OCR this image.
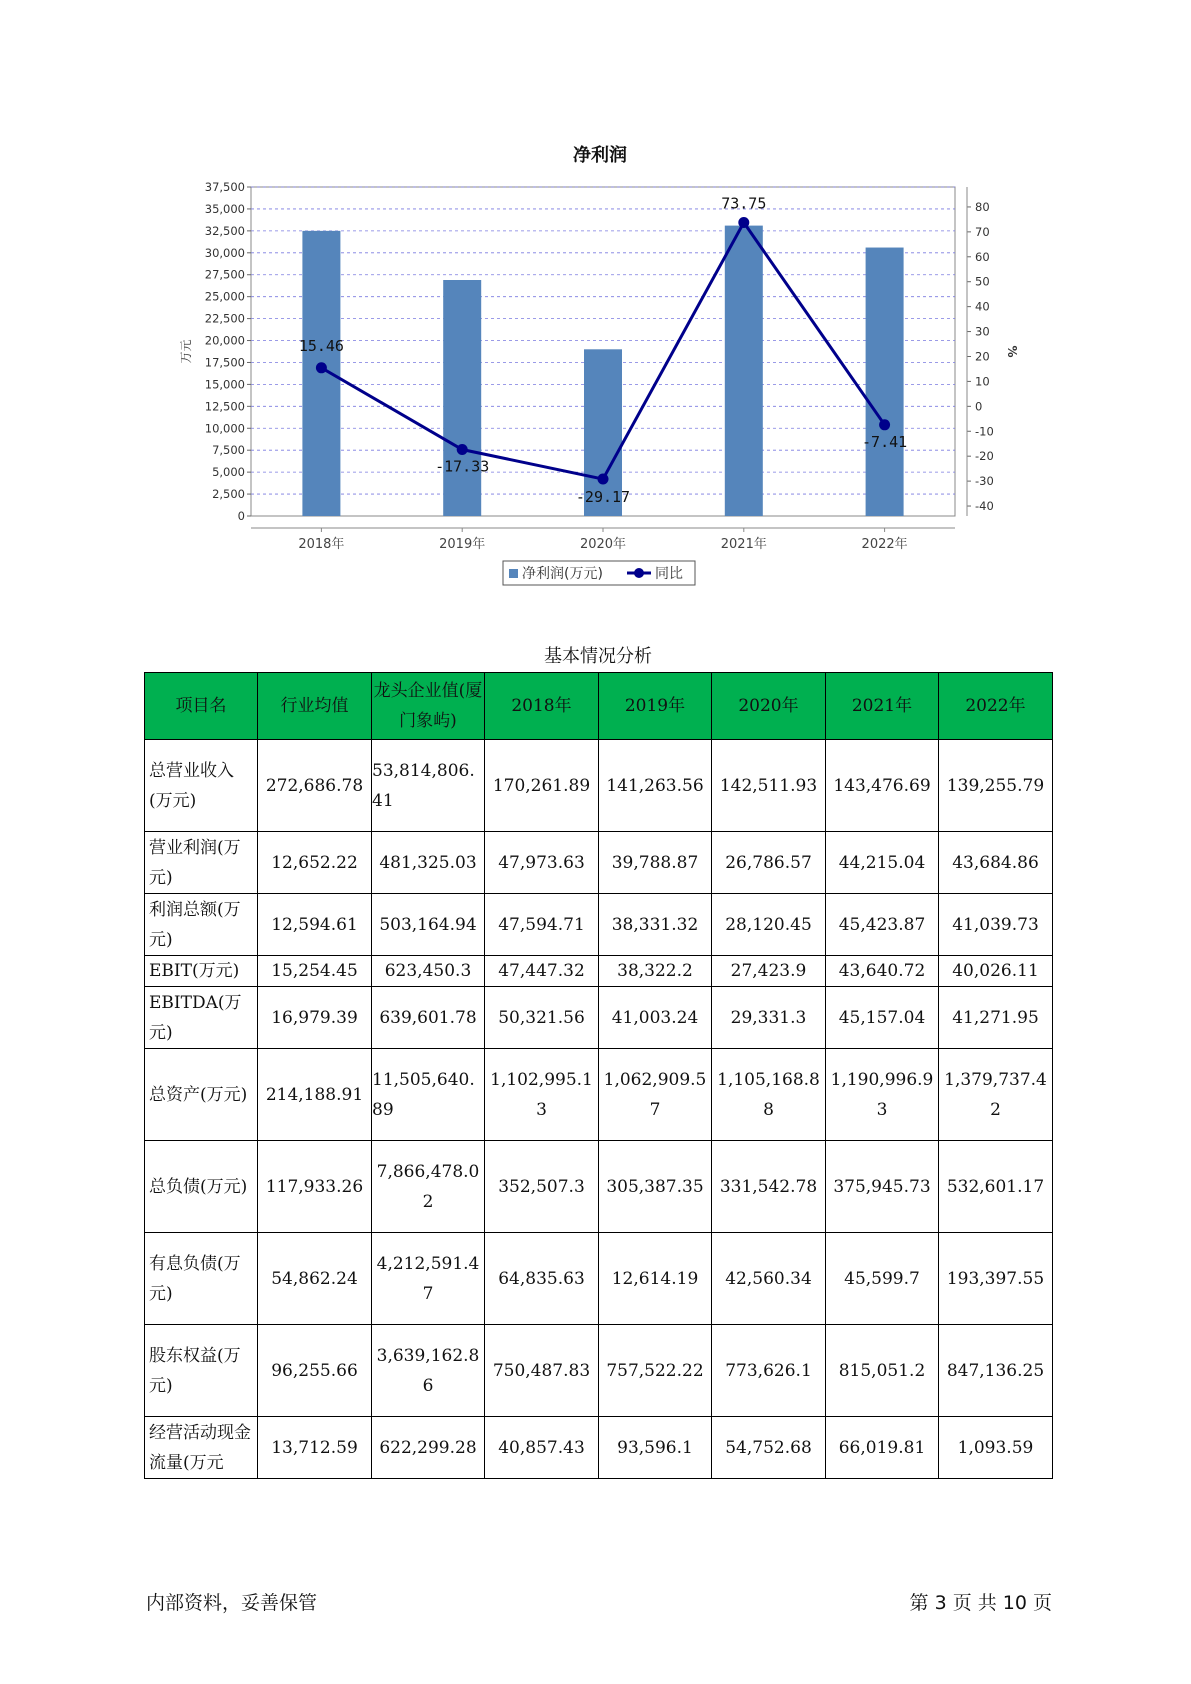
净利润
0
2,500
5,000
7,500
10,000
12,500
15,000
17,500
20,000
22,500
25,000
27,500
30,000
32,500
35,000
37,500
-40
-30
-20
-10
0
10
20
30
40
50
60
70
80
万元	%
2018年	2019年	2020年	2021年	2022年
15.46
-17.33
-29.17
73.75
-7.41
净利润(万元)	同比
基本情况分析
项目名	行业均值	龙头企业值(厦门象屿)	2018年	2019年	2020年	2021年	2022年
总营业收入(万元)	272,686.78	53,814,806.41	170,261.89	141,263.56	142,511.93	143,476.69	139,255.79
营业利润(万元)	12,652.22	481,325.03	47,973.63	39,788.87	26,786.57	44,215.04	43,684.86
利润总额(万元)	12,594.61	503,164.94	47,594.71	38,331.32	28,120.45	45,423.87	41,039.73
EBIT(万元)	15,254.45	623,450.3	47,447.32	38,322.2	27,423.9	43,640.72	40,026.11
EBITDA(万元)	16,979.39	639,601.78	50,321.56	41,003.24	29,331.3	45,157.04	41,271.95
总资产(万元)	214,188.91	11,505,640.89	1,102,995.13	1,062,909.57	1,105,168.88	1,190,996.93	1,379,737.42
总负债(万元)	117,933.26	7,866,478.02	352,507.3	305,387.35	331,542.78	375,945.73	532,601.17
有息负债(万元)	54,862.24	4,212,591.47	64,835.63	12,614.19	42,560.34	45,599.7	193,397.55
股东权益(万元)	96,255.66	3,639,162.86	750,487.83	757,522.22	773,626.1	815,051.2	847,136.25
经营活动现金流量(万元	13,712.59	622,299.28	40,857.43	93,596.1	54,752.68	66,019.81	1,093.59
内部资料，妥善保管	第 3 页 共 10 页
